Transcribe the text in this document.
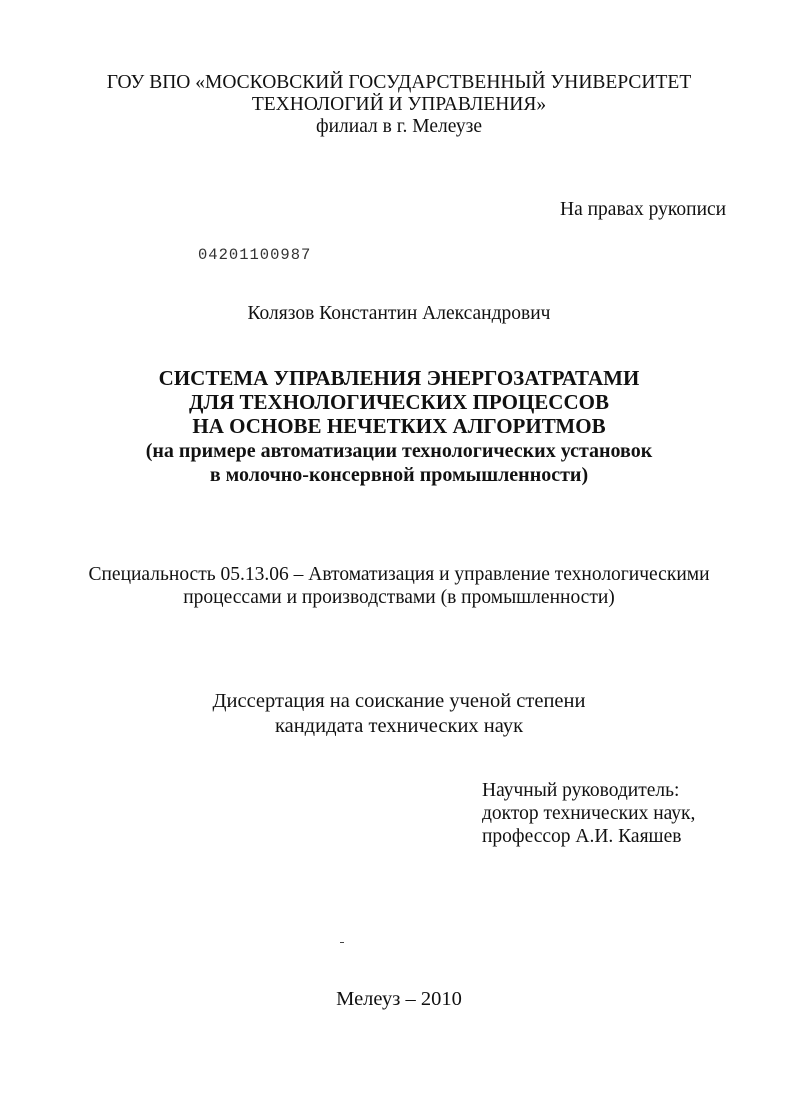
ГОУ ВПО «МОСКОВСКИЙ ГОСУДАРСТВЕННЫЙ УНИВЕРСИТЕТ
ТЕХНОЛОГИЙ И УПРАВЛЕНИЯ»
филиал в г. Мелеузе
На правах рукописи
04201100987
Колязов Константин Александрович
СИСТЕМА УПРАВЛЕНИЯ ЭНЕРГОЗАТРАТАМИ
ДЛЯ ТЕХНОЛОГИЧЕСКИХ ПРОЦЕССОВ
НА ОСНОВЕ НЕЧЕТКИХ АЛГОРИТМОВ
(на примере автоматизации технологических установок
в молочно-консервной промышленности)
Специальность 05.13.06 – Автоматизация и управление технологическими
процессами и производствами (в промышленности)
Диссертация на соискание ученой степени
кандидата технических наук
Научный руководитель:
доктор технических наук,
профессор А.И. Каяшев
Мелеуз – 2010
